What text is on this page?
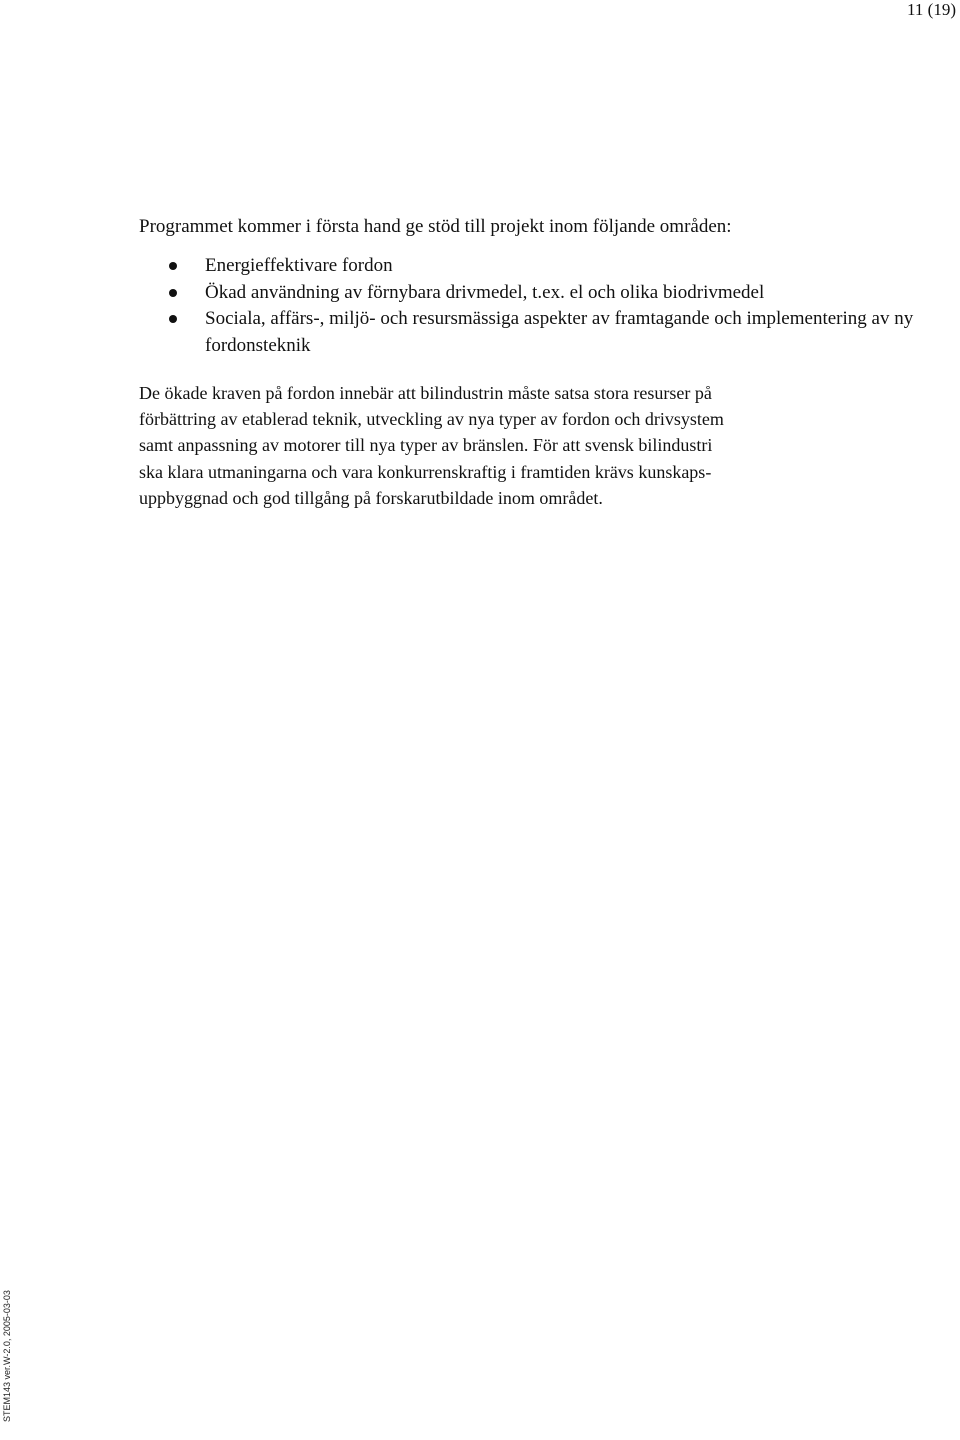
11 (19)

Programmet kommer i första hand ge stöd till projekt inom följande områden:

Energieffektivare fordon
Ökad användning av förnybara drivmedel, t.ex. el och olika biodrivmedel
Sociala, affärs-, miljö- och resursmässiga aspekter av framtagande och implementering av ny fordonsteknik

De ökade kraven på fordon innebär att bilindustrin måste satsa stora resurser på
förbättring av etablerad teknik, utveckling av nya typer av fordon och drivsystem
samt anpassning av motorer till nya typer av bränslen. För att svensk bilindustri
ska klara utmaningarna och vara konkurrenskraftig i framtiden krävs kunskaps-
uppbyggnad och god tillgång på forskarutbildade inom området.

STEM143 ver.W-2.0, 2005-03-03
